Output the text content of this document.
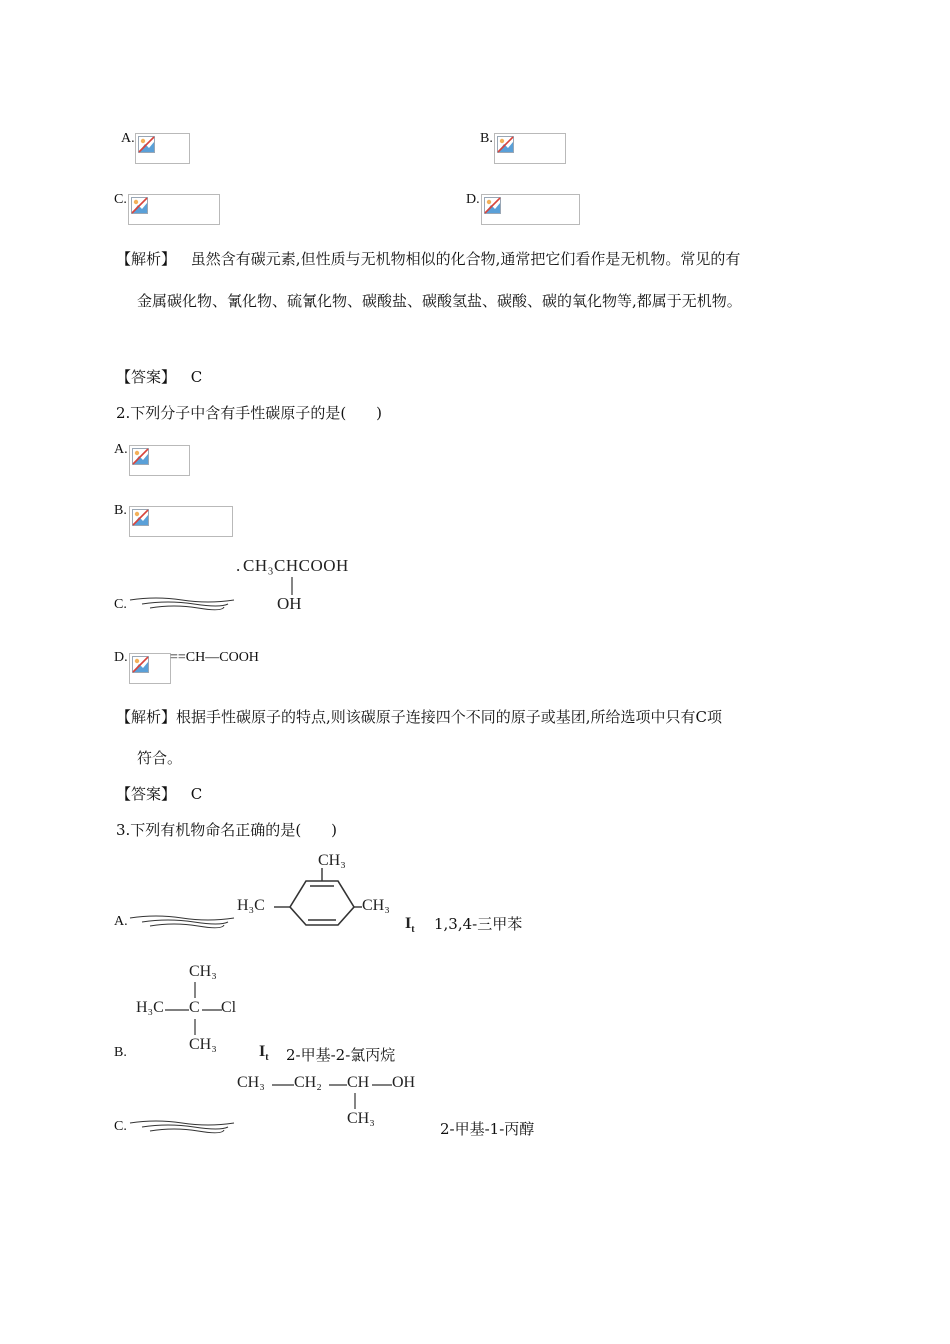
A.	B.
C.	D.
【解析】 虽然含有碳元素,但性质与无机物相似的化合物,通常把它们看作是无机物。常见的有
金属碳化物、氰化物、硫氰化物、碳酸盐、碳酸氢盐、碳酸、碳的氧化物等,都属于无机物。
【答案】 C
2.下列分子中含有手性碳原子的是(　　)
A.
B.
C.
. CH₃CHCOOH
OH
D.	==CH—COOH
【解析】根据手性碳原子的特点,则该碳原子连接四个不同的原子或基团,所给选项中只有C项
符合。
【答案】 C
3.下列有机物命名正确的是(　　)
A.
CH₃
H₃C	CH₃
$I_t$ 1,3,4-三甲苯
CH₃
H₃C C Cl
CH₃
B.	$I_t$ 2-甲基-2-氯丙烷
CH₃ CH₂ CH OH
CH₃
C.	2-甲基-1-丙醇
